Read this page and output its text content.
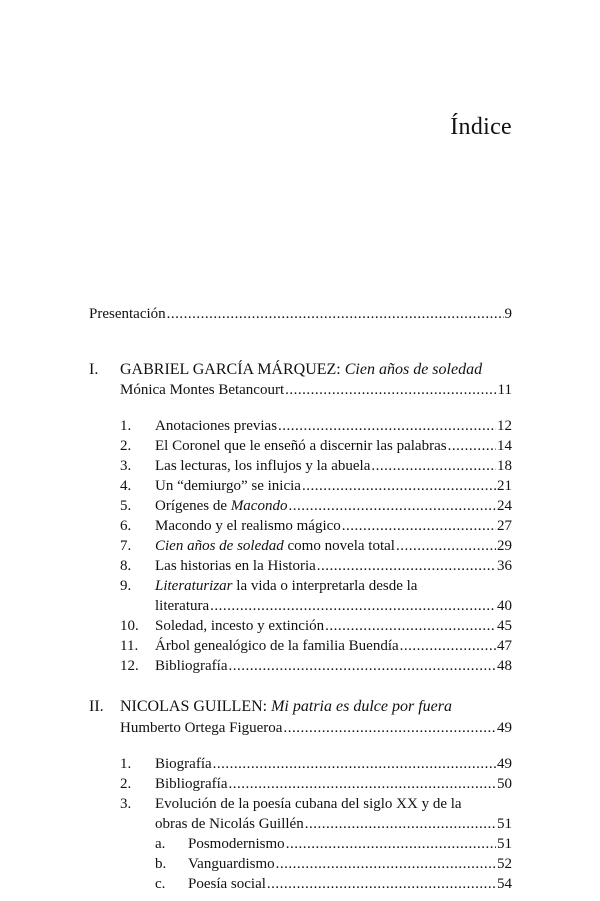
Índice
Presentación .....	9
I. GABRIEL GARCÍA MÁRQUEZ: Cien años de soledad
Mónica Montes Betancourt .....	11
1. Anotaciones previas .....	12
2. El Coronel que le enseñó a discernir las palabras .....	14
3. Las lecturas, los influjos y la abuela .....	18
4. Un “demiurgo” se inicia .....	21
5. Orígenes de Macondo .....	24
6. Macondo y el realismo mágico .....	27
7. Cien años de soledad como novela total .....	29
8. Las historias en la Historia .....	36
9. Literaturizar la vida o interpretarla desde la
literatura .....	40
10. Soledad, incesto y extinción .....	45
11. Árbol genealógico de la familia Buendía .....	47
12. Bibliografía .....	48
II. NICOLAS GUILLEN: Mi patria es dulce por fuera
Humberto Ortega Figueroa .....	49
1. Biografía .....	49
2. Bibliografía .....	50
3. Evolución de la poesía cubana del siglo XX y de la
obras de Nicolás Guillén .....	51
a. Posmodernismo .....	51
b. Vanguardismo .....	52
c. Poesía social .....	54
